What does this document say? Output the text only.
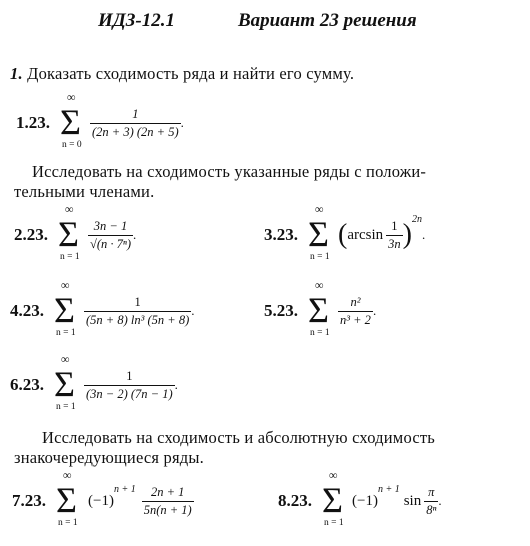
ИДЗ-12.1	Вариант 23 решения
1. Доказать сходимость ряда и найти его сумму.
1.23.
∞
Σ
n = 0
$\frac{1}{(2n + 3) (2n + 5)}$ .
Исследовать на сходимость указанные ряды с положи-
тельными членами.
2.23.
∞
Σ
n = 1
$\frac{3n - 1}{\text{√(n · 7ⁿ)}}$ .	3.23.
∞
Σ
n = 1
( $\arcsin \frac{1}{3n} )^{2n}$
.
4.23.
∞
Σ
n = 1
$\frac{1}{\text{(5n + 8) ln³ (5n + 8)}}$ .	5.23.
∞
Σ
n = 1
$\frac{\text{n²}}{\text{n³ + 2}}$ .
6.23.
∞
Σ
n = 1
$\frac{1}{(3n - 2) (7n - 1)}$ .
Исследовать на сходимость и абсолютную сходимость
знакочередующиеся ряды.
7.23.
∞
Σ
n = 1
(−1)
$^{n + 1} \frac{2n + 1}{5n(n + 1)}$	8.23.
∞
Σ
n = 1
(−1)
$^{n + 1}$
$\sin \frac{\pi}{\text{8ⁿ}}$ .
